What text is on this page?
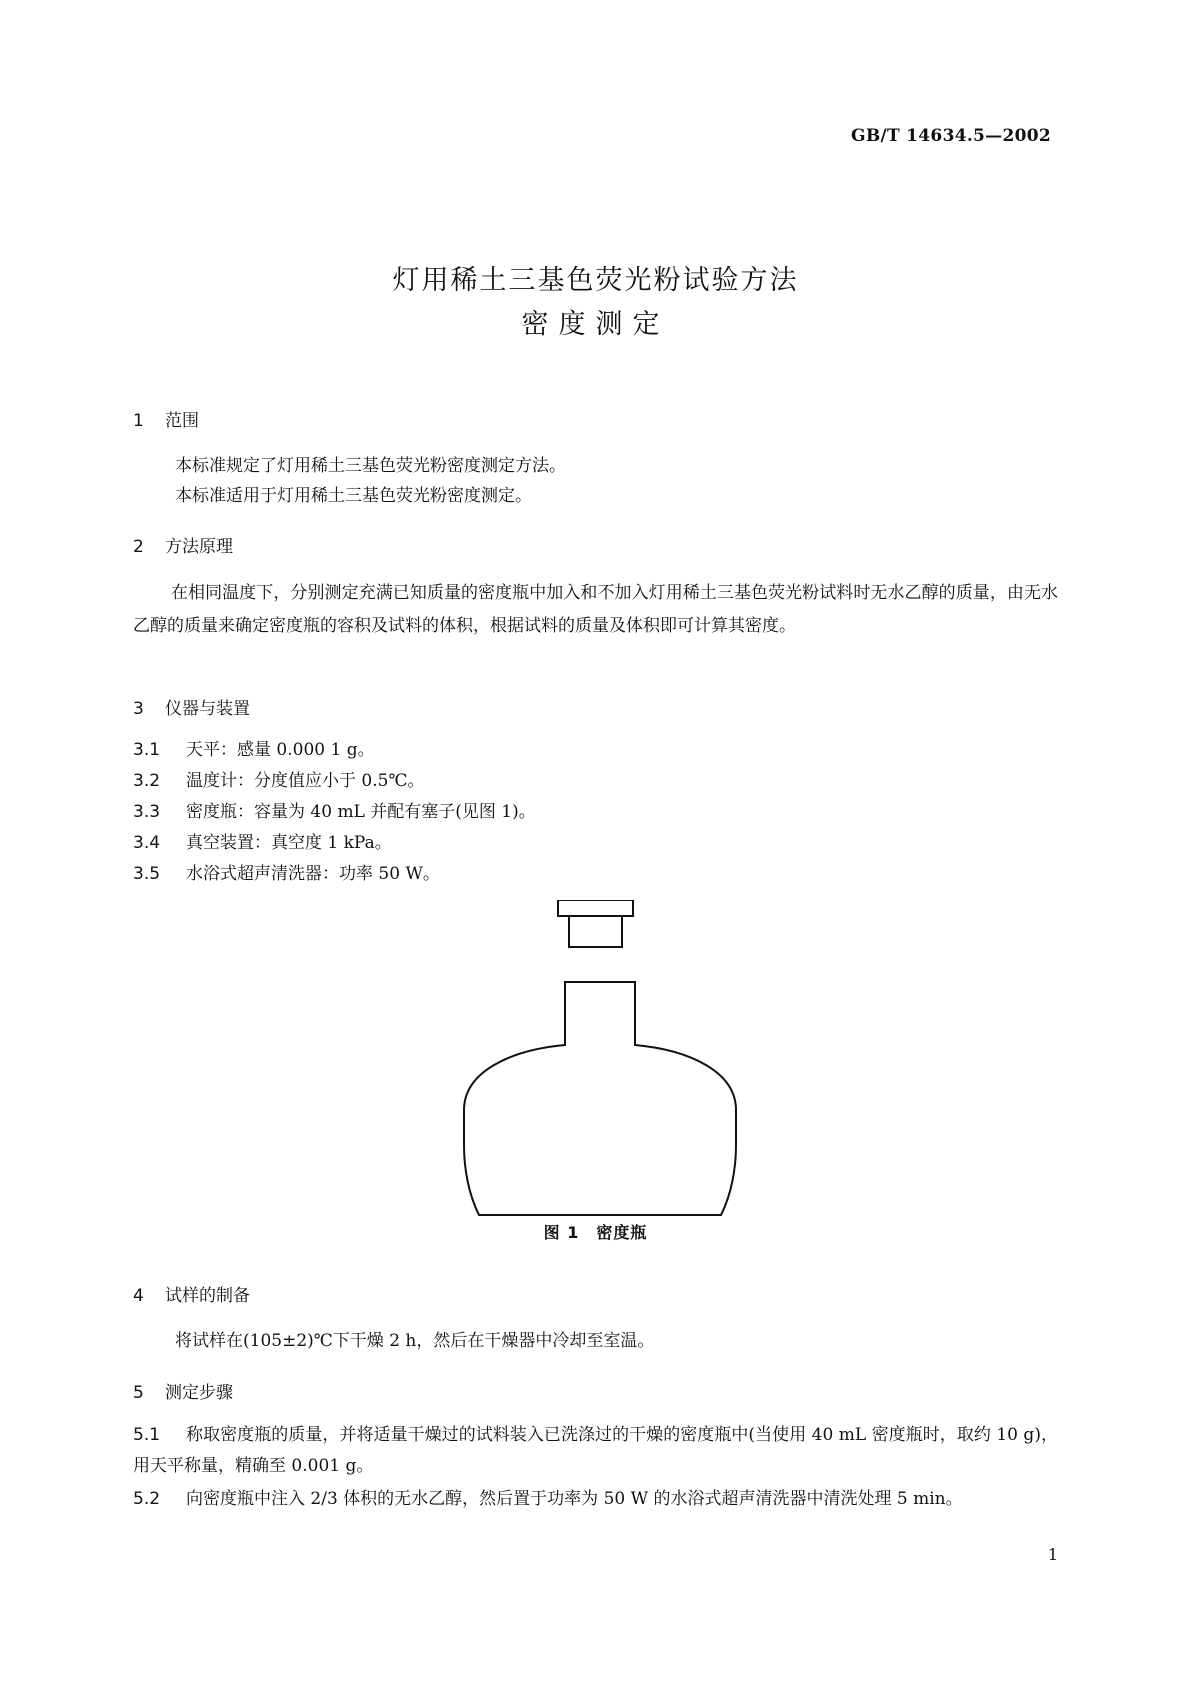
GB/T 14634.5—2002
灯用稀土三基色荧光粉试验方法
密度测定
1 范围
本标准规定了灯用稀土三基色荧光粉密度测定方法。
本标准适用于灯用稀土三基色荧光粉密度测定。
2 方法原理
在相同温度下，分别测定充满已知质量的密度瓶中加入和不加入灯用稀土三基色荧光粉试料时无水乙醇的质量，由无水乙醇的质量来确定密度瓶的容积及试料的体积，根据试料的质量及体积即可计算其密度。
3 仪器与装置
3.1 天平：感量 0.000 1 g。
3.2 温度计：分度值应小于 0.5℃。
3.3 密度瓶：容量为 40 mL 并配有塞子(见图 1)。
3.4 真空装置：真空度 1 kPa。
3.5 水浴式超声清洗器：功率 50 W。
图 1　密度瓶
4 试样的制备
将试样在(105±2)℃下干燥 2 h，然后在干燥器中冷却至室温。
5 测定步骤
5.1 称取密度瓶的质量，并将适量干燥过的试料装入已洗涤过的干燥的密度瓶中(当使用 40 mL 密度瓶时，取约 10 g)，用天平称量，精确至 0.001 g。
5.2 向密度瓶中注入 2/3 体积的无水乙醇，然后置于功率为 50 W 的水浴式超声清洗器中清洗处理 5 min。
1
